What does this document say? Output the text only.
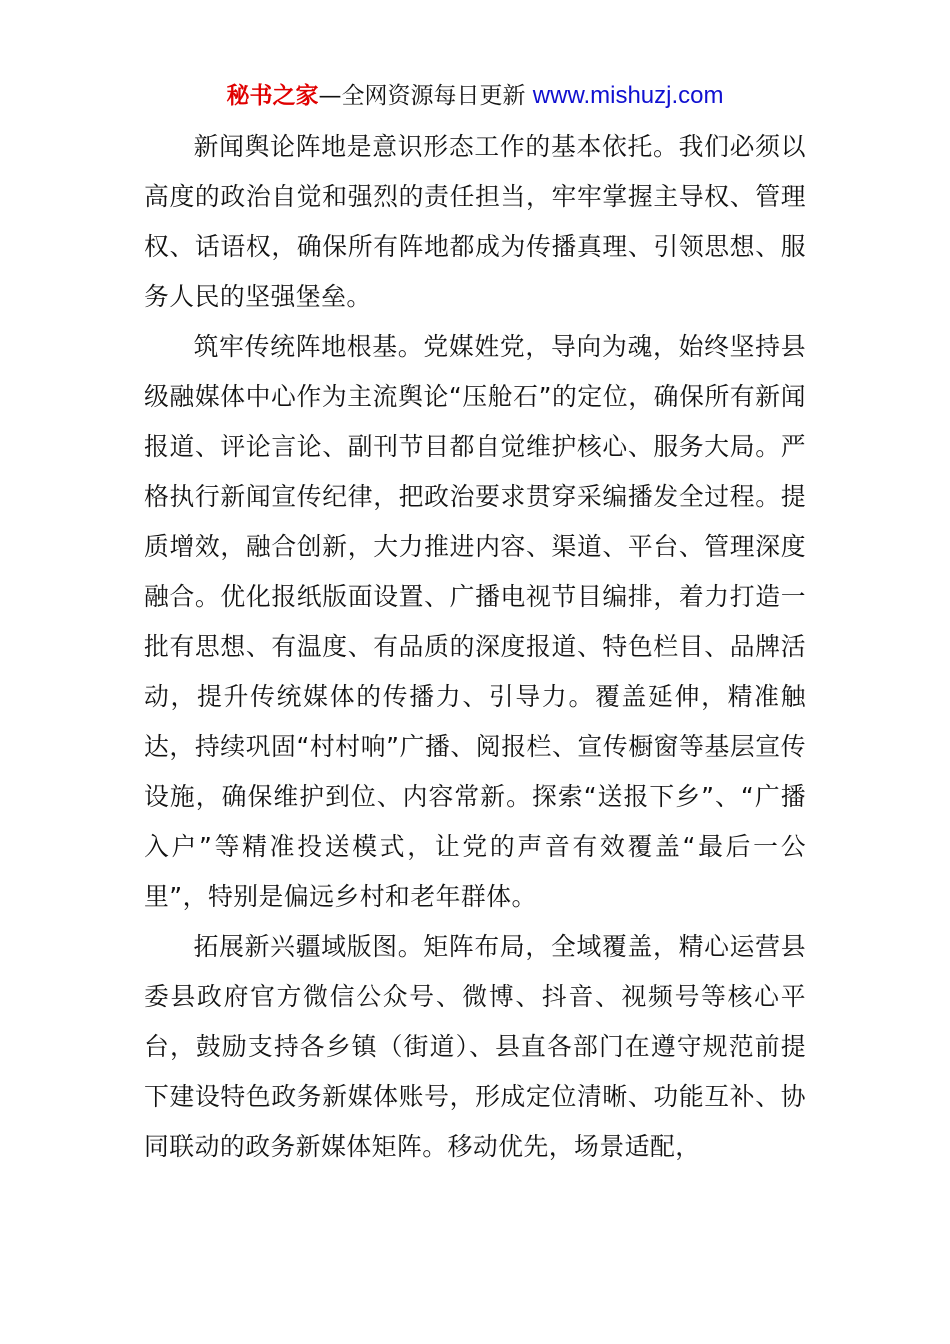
秘书之家—全网资源每日更新 www.mishuzj.com

新闻舆论阵地是意识形态工作的基本依托。我们必须以高度的政治自觉和强烈的责任担当，牢牢掌握主导权、管理权、话语权，确保所有阵地都成为传播真理、引领思想、服务人民的坚强堡垒。

筑牢传统阵地根基。党媒姓党，导向为魂，始终坚持县级融媒体中心作为主流舆论“压舱石”的定位，确保所有新闻报道、评论言论、副刊节目都自觉维护核心、服务大局。严格执行新闻宣传纪律，把政治要求贯穿采编播发全过程。提质增效，融合创新，大力推进内容、渠道、平台、管理深度融合。优化报纸版面设置、广播电视节目编排，着力打造一批有思想、有温度、有品质的深度报道、特色栏目、品牌活动，提升传统媒体的传播力、引导力。覆盖延伸，精准触达，持续巩固“村村响”广播、阅报栏、宣传橱窗等基层宣传设施，确保维护到位、内容常新。探索“送报下乡”、“广播入户”等精准投送模式，让党的声音有效覆盖“最后一公里”，特别是偏远乡村和老年群体。

拓展新兴疆域版图。矩阵布局，全域覆盖，精心运营县委县政府官方微信公众号、微博、抖音、视频号等核心平台，鼓励支持各乡镇（街道）、县直各部门在遵守规范前提下建设特色政务新媒体账号，形成定位清晰、功能互补、协同联动的政务新媒体矩阵。移动优先，场景适配，
